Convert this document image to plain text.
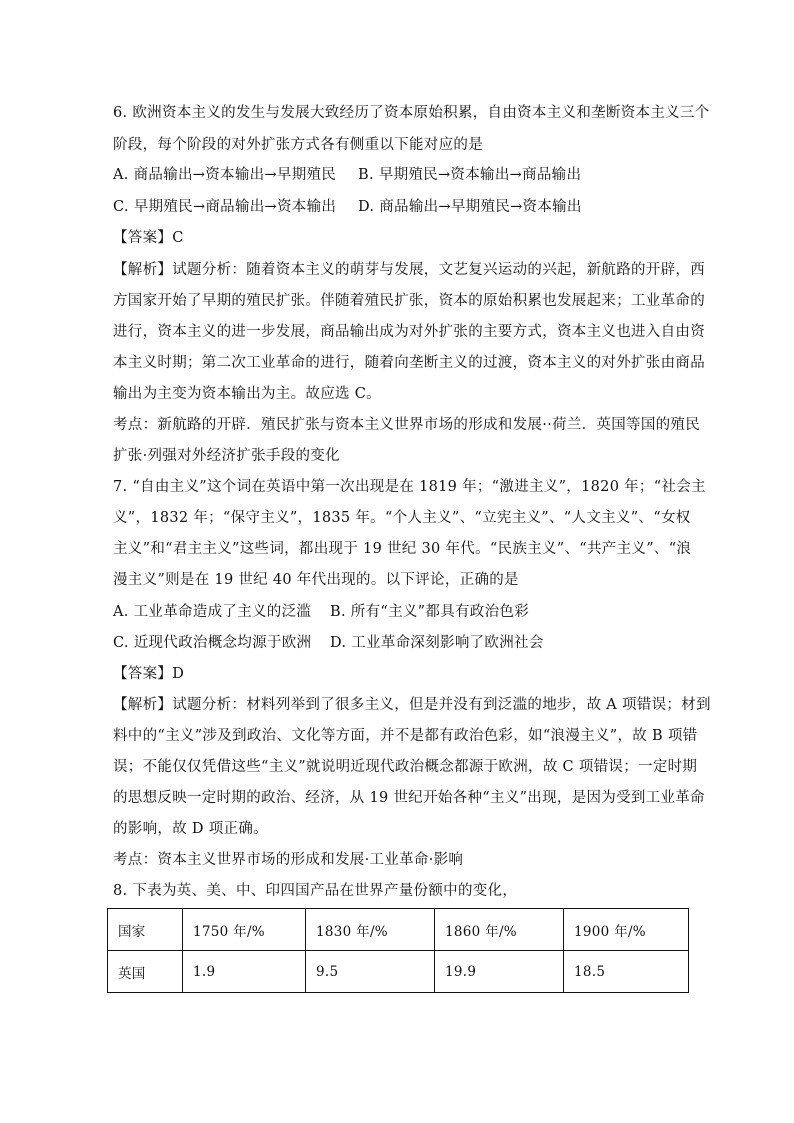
6. 欧洲资本主义的发生与发展大致经历了资本原始积累，自由资本主义和垄断资本主义三个
阶段，每个阶段的对外扩张方式各有侧重以下能对应的是
A. 商品输出→资本输出→早期殖民 B. 早期殖民→资本输出→商品输出
C. 早期殖民→商品输出→资本输出 D. 商品输出→早期殖民→资本输出
【答案】C
【解析】试题分析：随着资本主义的萌芽与发展，文艺复兴运动的兴起，新航路的开辟，西
方国家开始了早期的殖民扩张。伴随着殖民扩张，资本的原始积累也发展起来；工业革命的
进行，资本主义的进一步发展，商品输出成为对外扩张的主要方式，资本主义也进入自由资
本主义时期；第二次工业革命的进行，随着向垄断主义的过渡，资本主义的对外扩张由商品
输出为主变为资本输出为主。故应选 C。
考点：新航路的开辟．殖民扩张与资本主义世界市场的形成和发展··荷兰．英国等国的殖民
扩张·列强对外经济扩张手段的变化
7. “自由主义”这个词在英语中第一次出现是在 1819 年；“激进主义”，1820 年；“社会主
义”，1832 年；“保守主义”，1835 年。“个人主义”、“立宪主义”、“人文主义”、“女权
主义”和“君主主义”这些词，都出现于 19 世纪 30 年代。“民族主义”、“共产主义”、“浪
漫主义”则是在 19 世纪 40 年代出现的。以下评论，正确的是
A. 工业革命造成了主义的泛滥 B. 所有“主义”都具有政治色彩
C. 近现代政治概念均源于欧洲 D. 工业革命深刻影响了欧洲社会
【答案】D
【解析】试题分析：材料列举到了很多主义，但是并没有到泛滥的地步，故 A 项错误；材到
料中的“主义”涉及到政治、文化等方面，并不是都有政治色彩，如“浪漫主义”，故 B 项错
误；不能仅仅凭借这些“主义”就说明近现代政治概念都源于欧洲，故 C 项错误；一定时期
的思想反映一定时期的政治、经济，从 19 世纪开始各种“主义”出现，是因为受到工业革命
的影响，故 D 项正确。
考点：资本主义世界市场的形成和发展·工业革命·影响
8. 下表为英、美、中、印四国产品在世界产量份额中的变化，
国家	1750 年/%	1830 年/%	1860 年/%	1900 年/%
英国	1.9	9.5	19.9	18.5
